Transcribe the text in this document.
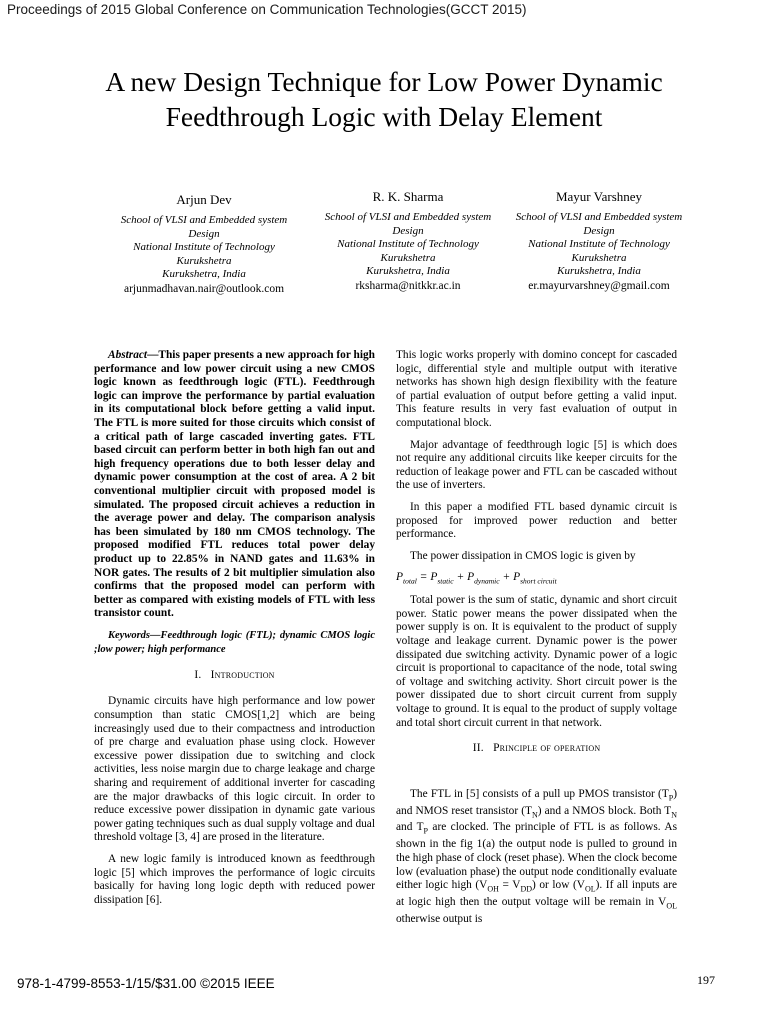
Proceedings of 2015 Global Conference on Communication Technologies(GCCT 2015)
A new Design Technique for Low Power Dynamic Feedthrough Logic with Delay Element
Arjun Dev
School of VLSI and Embedded system
Design
National Institute of Technology
Kurukshetra
Kurukshetra, India
arjunmadhavan.nair@outlook.com
R. K. Sharma
School of VLSI and Embedded system
Design
National Institute of Technology
Kurukshetra
Kurukshetra, India
rksharma@nitkkr.ac.in
Mayur Varshney
School of VLSI and Embedded system
Design
National Institute of Technology
Kurukshetra
Kurukshetra, India
er.mayurvarshney@gmail.com

Abstract—This paper presents a new approach for high performance and low power circuit using a new CMOS logic known as feedthrough logic (FTL). Feedthrough logic can improve the performance by partial evaluation in its computational block before getting a valid input. The FTL is more suited for those circuits which consist of a critical path of large cascaded inverting gates. FTL based circuit can perform better in both high fan out and high frequency operations due to both lesser delay and dynamic power consumption at the cost of area. A 2 bit conventional multiplier circuit with proposed model is simulated. The proposed circuit achieves a reduction in the average power and delay. The comparison analysis has been simulated by 180 nm CMOS technology. The proposed modified FTL reduces total power delay product up to 22.85% in NAND gates and 11.63% in NOR gates. The results of 2 bit multiplier simulation also confirms that the proposed model can perform with better as compared with existing models of FTL with less transistor count.

Keywords—Feedthrough logic (FTL); dynamic CMOS logic ;low power; high performance

I. Introduction

Dynamic circuits have high performance and low power consumption than static CMOS[1,2] which are being increasingly used due to their compactness and introduction of pre charge and evaluation phase using clock. However excessive power dissipation due to switching and clock activities, less noise margin due to charge leakage and charge sharing and requirement of additional inverter for cascading are the major drawbacks of this logic circuit. In order to reduce excessive power dissipation in dynamic gate various power gating techniques such as dual supply voltage and dual threshold voltage [3, 4] are prosed in the literature.

A new logic family is introduced known as feedthrough logic [5] which improves the performance of logic circuits basically for having long logic depth with reduced power dissipation [6].

This logic works properly with domino concept for cascaded logic, differential style and multiple output with iterative networks has shown high design flexibility with the feature of partial evaluation of output before getting a valid input. This feature results in very fast evaluation of output in computational block.

Major advantage of feedthrough logic [5] is which does not require any additional circuits like keeper circuits for the reduction of leakage power and FTL can be cascaded without the use of inverters.

In this paper a modified FTL based dynamic circuit is proposed for improved power reduction and better performance.

The power dissipation in CMOS logic is given by

$P_{total} = P_{static} + P_{dynamic} + P_{short circuit}$

Total power is the sum of static, dynamic and short circuit power. Static power means the power dissipated when the power supply is on. It is equivalent to the product of supply voltage and leakage current. Dynamic power is the power dissipated due switching activity. Dynamic power of a logic circuit is proportional to capacitance of the node, total swing of voltage and switching activity. Short circuit power is the power dissipated due to short circuit current from supply voltage to ground. It is equal to the product of supply voltage and total short circuit current in that network.

II. Principle of operation

The FTL in [5] consists of a pull up PMOS transistor $(T_P)$ and NMOS reset transistor $(T_N)$ and a NMOS block. Both $T_N$ and $T_P$ are clocked. The principle of FTL is as follows. As shown in the fig 1(a) the output node is pulled to ground in the high phase of clock (reset phase). When the clock become low (evaluation phase) the output node conditionally evaluate either logic high $(V_{OH} = V_{DD})$ or low $(V_{OL})$. If all inputs are at logic high then the output voltage will be remain in $V_{OL}$ otherwise output is

978-1-4799-8553-1/15/$31.00 ©2015 IEEE	197
